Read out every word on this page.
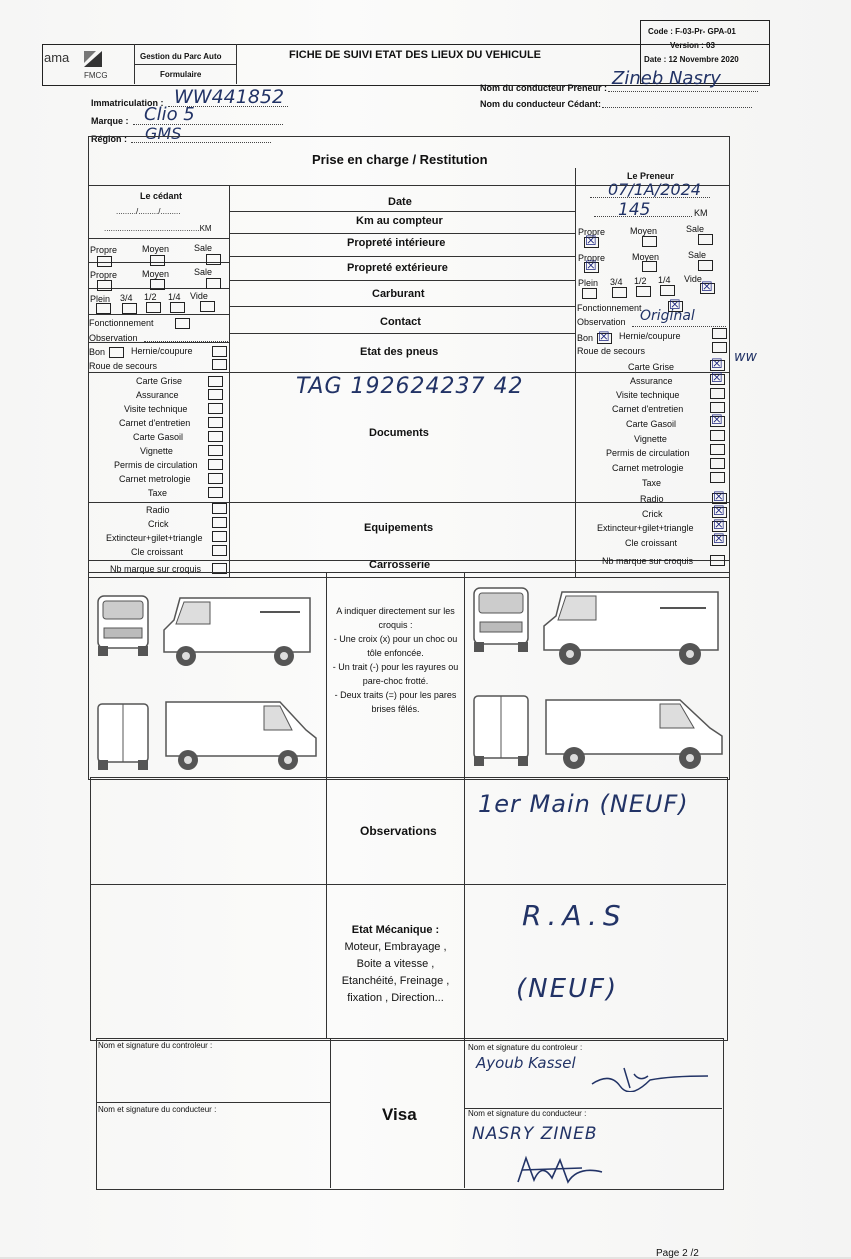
ama
FMCG
Gestion du Parc Auto
Formulaire
FICHE DE SUIVI ETAT DES LIEUX DU VEHICULE
Code : F-03-Pr- GPA-01
Version : 03
Date : 12 Novembre 2020
Immatriculation : WW441852
Marque : Clio 5
Région : GMS
Nom du conducteur Preneur : Zineb Nasry
Nom du conducteur Cédant:
Prise en charge / Restitution
Le cédant
........./........./.........
...........................................KM
Date
Km au compteur
Propreté intérieure
Propreté extérieure
Carburant
Contact
Etat des pneus
Documents
Equipements
Carrosserie
Propre	Moyen	Sale
Propre	Moyen	Sale
Plein 3/4 1/2 1/4 Vide
Fonctionnement
Observation
Bon	Hernie/coupure
Roue de secours
Carte Grise
Assurance
Visite technique
Carnet d'entretien
Carte Gasoil
Vignette
Permis de circulation
Carnet metrologie
Taxe
Radio
Crick
Extincteur+gilet+triangle
Cle croissant
Nb marque sur croquis
Le Preneur
07/1A/2024
145	KM
Propre	Moyen	Sale
☒
Propre	Moyen	Sale
☒
Plein 3/4 1/2 1/4 Vide
☒
Fonctionnement
☒
Observation Original
Bon
☒	Hernie/coupure
Roue de secours	ww
Carte Grise
Assurance
Visite technique
Carnet d'entretien
Carte Gasoil
Vignette
Permis de circulation
Carnet metrologie
Taxe
☒
☒
☒
Radio
Crick
Extincteur+gilet+triangle
Cle croissant
☒
☒
☒
☒
Nb marque sur croquis
TAG 192624237 42
A indiquer directement sur les croquis :
- Une croix (x) pour un choc ou tôle enfoncée.
- Un trait (-) pour les rayures ou pare-choc frotté.
- Deux traits (=) pour les pares brises fêlés.
Observations
1er Main (NEUF)
Etat Mécanique :
Moteur, Embrayage ,
Boite a vitesse ,
Etanchéité, Freinage ,
fixation , Direction...
R.A.S
(NEUF)
Nom et signature du controleur :
Nom et signature du conducteur :	Visa
Nom et signature du controleur :
Ayoub Kassel
Nom et signature du conducteur :
NASRY ZINEB
Page 2 /2
